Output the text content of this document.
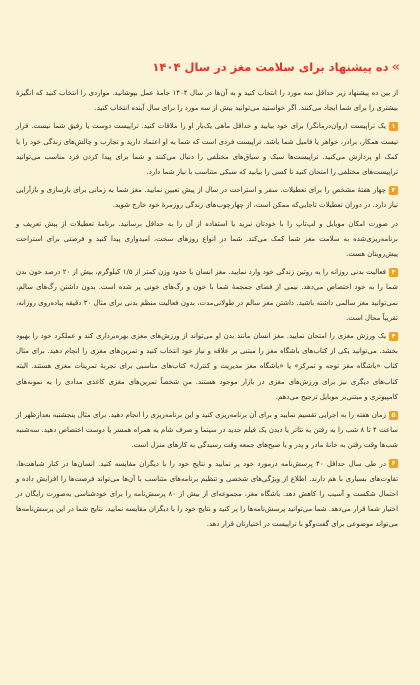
»ده پیشنهاد برای سلامت مغز در سال ۱۴۰۴

از بین ده پیشنهاد زیر حداقل سه مورد را انتخاب کنید و به آن‌ها در سال ۱۴۰۴ جامهٔ عمل بپوشانید. مواردی را انتخاب کنید که انگیزهٔ بیشتری را برای شما ایجاد می‌کنند. اگر خواستید می‌توانید بیش از سه مورد را برای سال آینده انتخاب کنید.

۱یک تراپیست (روان‌درمانگر) برای خود بیابید و حداقل ماهی یک‌بار او را ملاقات کنید. تراپیست دوست یا رفیق شما نیست. قرار نیست همکار، برادر، خواهر یا فامیل شما باشد. تراپیست فردی است که شما به او اعتماد دارید و تجارب و چالش‌های زندگی خود را با کمک او پردازش می‌کنید. تراپیست‌ها سبک و سیاق‌های مختلفی را دنبال می‌کنند و شما برای پیدا کردن فرد مناسب می‌توانید تراپیست‌های مختلفی را امتحان کنید تا کسی را بیابید که سبکی متناسب با نیاز شما دارد.

۲چهار هفتهٔ مشخص را برای تعطیلات، سفر و استراحت در سال از پیش تعیین نمایید. مغز شما به زمانی برای بازسازی و بازآرایی نیاز دارد. در دوران تعطیلات تاجایی‌که ممکن است، از چهارچوب‌های زندگی روزمرهٔ خود خارج شوید.

در صورت امکان موبایل و لپ‌تاپ را با خودتان نبرید یا استفاده از آن را به حداقل برسانید. برنامهٔ تعطیلات از پیش تعریف و برنامه‌ریزی‌شده به سلامت مغز شما کمک می‌کند. شما در انواع روزهای سخت، امیدواری پیدا کنید و فرصتی برای استراحت پیش‌رویتان هست.

۳فعالیت بدنی روزانه را به روتین زندگی خود وارد نمایید. مغز انسان با حدود وزن کمتر از ۱/۵ کیلوگرم، بیش از ۲۰ درصد خون بدن شما را به خود اختصاص می‌دهد. نیمی از فضای جمجمهٔ شما با خون و رگ‌های خونی پر شده است. بدون داشتن رگ‌های سالم، نمی‌توانید مغز سالمی داشته باشید. داشتن مغز سالم در طولانی‌مدت، بدون فعالیت منظم بدنی برای مثال ۳۰ دقیقه پیاده‌روی روزانه، تقریباً محال است.

۴یک ورزش مغزی را امتحان نمایید. مغز انسان مانند بدن او می‌تواند از ورزش‌های مغزی بهره‌برداری کند و عملکرد خود را بهبود بخشد. می‌توانید یکی از کتاب‌های باشگاه مغز را مبتنی بر علاقه و نیاز خود انتخاب کنید و تمرین‌های مغزی را انجام دهید. برای مثال کتاب «باشگاه مغز توجه و تمرکز» یا «باشگاه مغز مدیریت و کنترل» کتاب‌های مناسبی برای تجربهٔ تمرینات مغزی هستند. البته کتاب‌های دیگری نیز برای ورزش‌های مغزی در بازار موجود هستند. من شخصاً تمرین‌های مغزی کاغذی مدادی را به نمونه‌های کامپیوتری و مبتنی‌بر موبایل ترجیح می‌دهم.

۵زمان هفته را به اجرایی تقسیم نمایید و برای آن برنامه‌ریزی کنید و این برنامه‌ریزی را انجام دهید. برای مثال پنجشنبه بعدازظهر از ساعت ۴ تا ۸ شب را به رفتن به تئاتر یا دیدن یک فیلم جدید در سینما و صرف شام به همراه همسر یا دوست اختصاص دهید. سه‌شنبه شب‌ها وقت رفتن به خانهٔ مادر و پدر و یا صبح‌های جمعه وقت رسیدگی به کارهای منزل است.

۶در طی سال حداقل ۴۰ پرسش‌نامه درمورد خود پر نمایید و نتایج خود را با دیگران مقایسه کنید. انسان‌ها در کنار شباهت‌ها، تفاوت‌های بسیاری با هم دارند. اطلاع از ویژگی‌های شخصی و تنظیم برنامه‌های متناسب با آن‌ها می‌تواند فرصت‌ها را افزایش داده و احتمال شکست و آسیب را کاهش دهد. باشگاه مغز، مجموعه‌ای از بیش از ۸۰ پرسش‌نامه را برای خودشناسی به‌صورت رایگان در اختیار شما قرار می‌دهد. شما می‌توانید پرسش‌نامه‌ها را پر کنید و نتایج خود را با دیگران مقایسه نمایید. نتایج شما در این پرسش‌نامه‌ها می‌تواند موضوعی برای گفت‌وگو با تراپیست در اختیارتان قرار دهد.
